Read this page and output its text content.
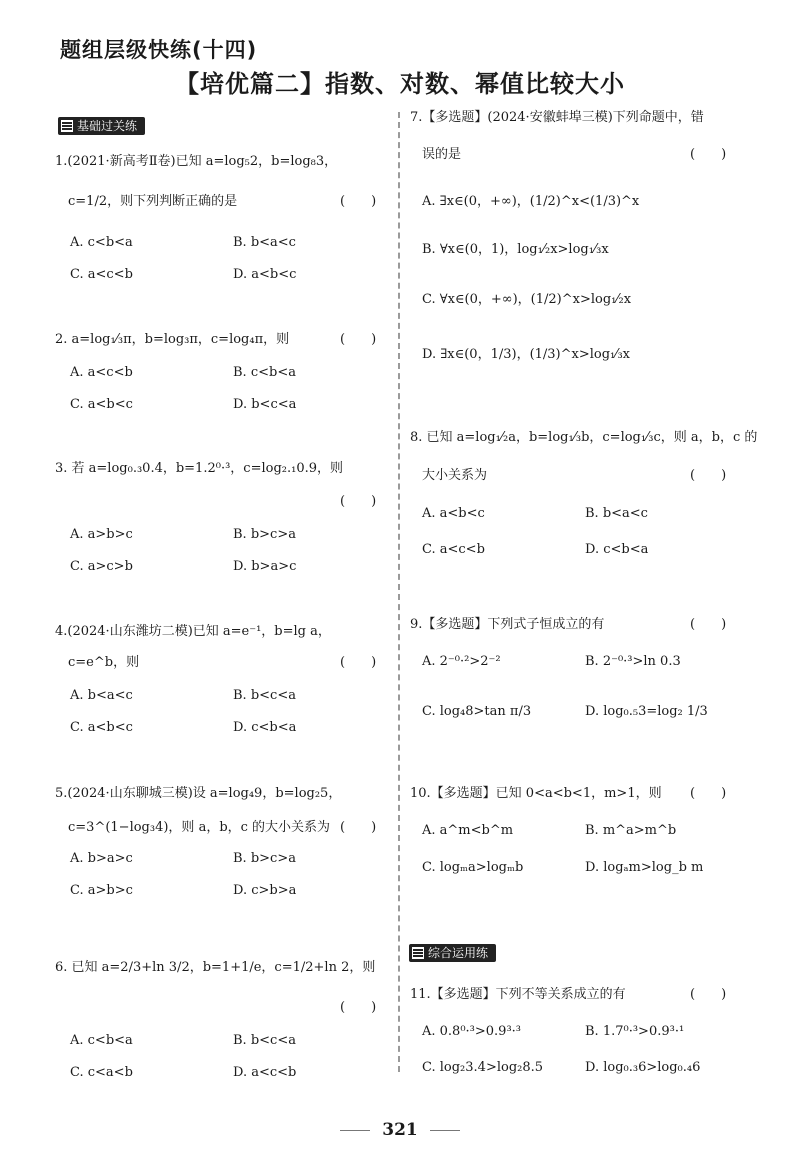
题组层级快练(十四)
【培优篇二】指数、对数、幂值比较大小
基础过关练
1.(2021·新高考Ⅱ卷)已知 a=log₅2，b=log₈3，
c=1/2，则下列判断正确的是	(　　)
A. c<b<a	B. b<a<c
C. a<c<b	D. a<b<c
2. a=log₁⁄₃π，b=log₃π，c=log₄π，则	(　　)
A. a<c<b	B. c<b<a
C. a<b<c	D. b<c<a
3. 若 a=log₀.₃0.4，b=1.2⁰·³，c=log₂.₁0.9，则
(　　)
A. a>b>c	B. b>c>a
C. a>c>b	D. b>a>c
4.(2024·山东潍坊二模)已知 a=e⁻¹，b=lg a，
c=e^b，则	(　　)
A. b<a<c	B. b<c<a
C. a<b<c	D. c<b<a
5.(2024·山东聊城三模)设 a=log₄9，b=log₂5，
c=3^(1−log₃4)，则 a，b，c 的大小关系为 (　　)
A. b>a>c	B. b>c>a
C. a>b>c	D. c>b>a
6. 已知 a=2/3+ln 3/2，b=1+1/e，c=1/2+ln 2，则
(　　)
A. c<b<a	B. b<c<a
C. c<a<b	D. a<c<b
7.【多选题】(2024·安徽蚌埠三模)下列命题中，错
误的是	(　　)
A. ∃x∈(0，+∞)，(1/2)^x<(1/3)^x
B. ∀x∈(0，1)，log₁⁄₂x>log₁⁄₃x
C. ∀x∈(0，+∞)，(1/2)^x>log₁⁄₂x
D. ∃x∈(0，1/3)，(1/3)^x>log₁⁄₃x
8. 已知 a=log₁⁄₂a，b=log₁⁄₃b，c=log₁⁄₃c，则 a，b，c 的
大小关系为	(　　)
A. a<b<c	B. b<a<c
C. a<c<b	D. c<b<a
9.【多选题】下列式子恒成立的有	(　　)
A. 2⁻⁰·²>2⁻²	B. 2⁻⁰·³>ln 0.3
C. log₄8>tan π/3	D. log₀.₅3=log₂ 1/3
10.【多选题】已知 0<a<b<1，m>1，则 (　　)
A. a^m<b^m	B. m^a>m^b
C. logₘa>logₘb	D. logₐm>log_b m
综合运用练
11.【多选题】下列不等关系成立的有	(　　)
A. 0.8⁰·³>0.9³·³	B. 1.7⁰·³>0.9³·¹
C. log₂3.4>log₂8.5	D. log₀.₃6>log₀.₄6
321
